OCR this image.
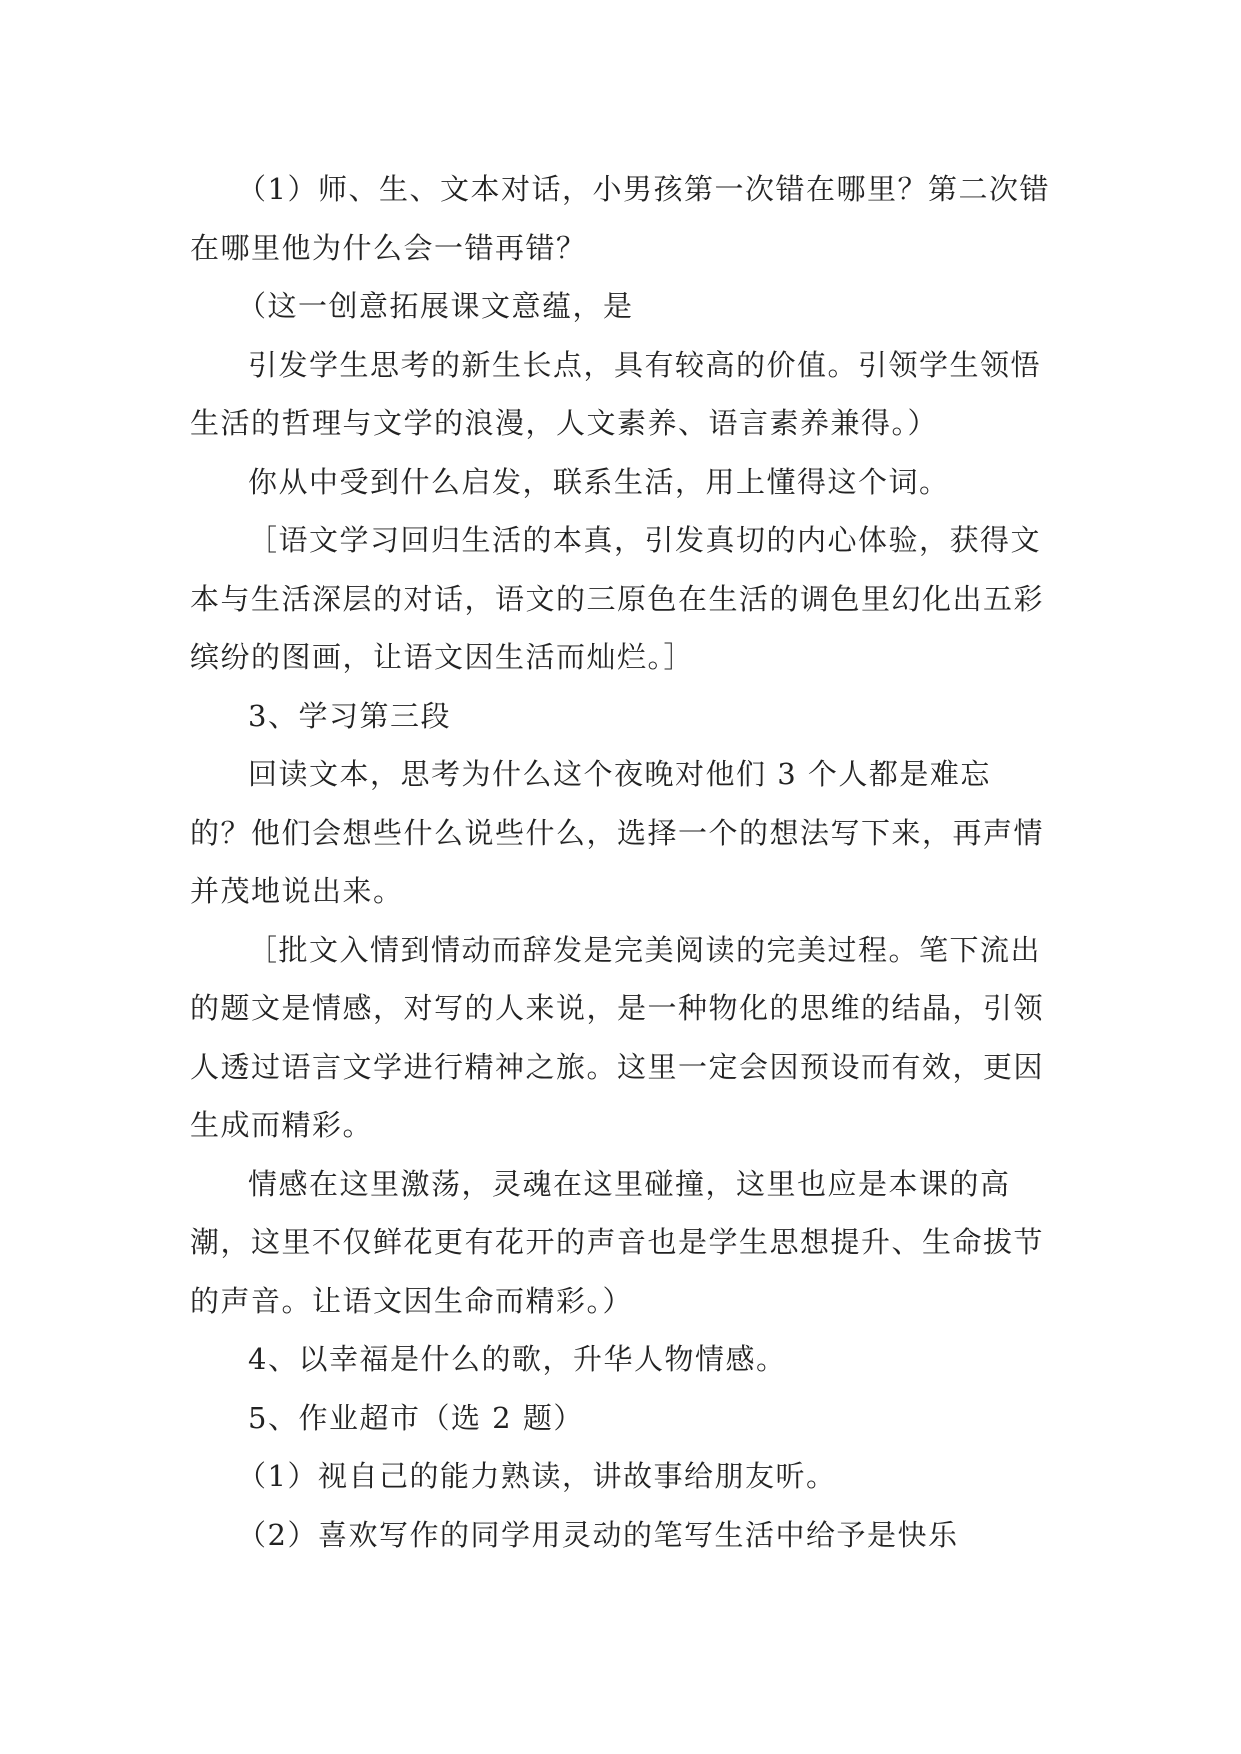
（1）师、生、文本对话，小男孩第一次错在哪里？第二次错在哪里他为什么会一错再错？

（这一创意拓展课文意蕴，是

引发学生思考的新生长点，具有较高的价值。引领学生领悟生活的哲理与文学的浪漫，人文素养、语言素养兼得。）

你从中受到什么启发，联系生活，用上懂得这个词。

［语文学习回归生活的本真，引发真切的内心体验，获得文本与生活深层的对话，语文的三原色在生活的调色里幻化出五彩缤纷的图画，让语文因生活而灿烂。］

3、学习第三段

回读文本，思考为什么这个夜晚对他们 3 个人都是难忘的？他们会想些什么说些什么，选择一个的想法写下来，再声情并茂地说出来。

［批文入情到情动而辞发是完美阅读的完美过程。笔下流出的题文是情感，对写的人来说，是一种物化的思维的结晶，引领人透过语言文学进行精神之旅。这里一定会因预设而有效，更因生成而精彩。

情感在这里激荡，灵魂在这里碰撞，这里也应是本课的高潮，这里不仅鲜花更有花开的声音也是学生思想提升、生命拔节的声音。让语文因生命而精彩。）

4、以幸福是什么的歌，升华人物情感。

5、作业超市（选 2 题）

（1）视自己的能力熟读，讲故事给朋友听。

（2）喜欢写作的同学用灵动的笔写生活中给予是快乐
